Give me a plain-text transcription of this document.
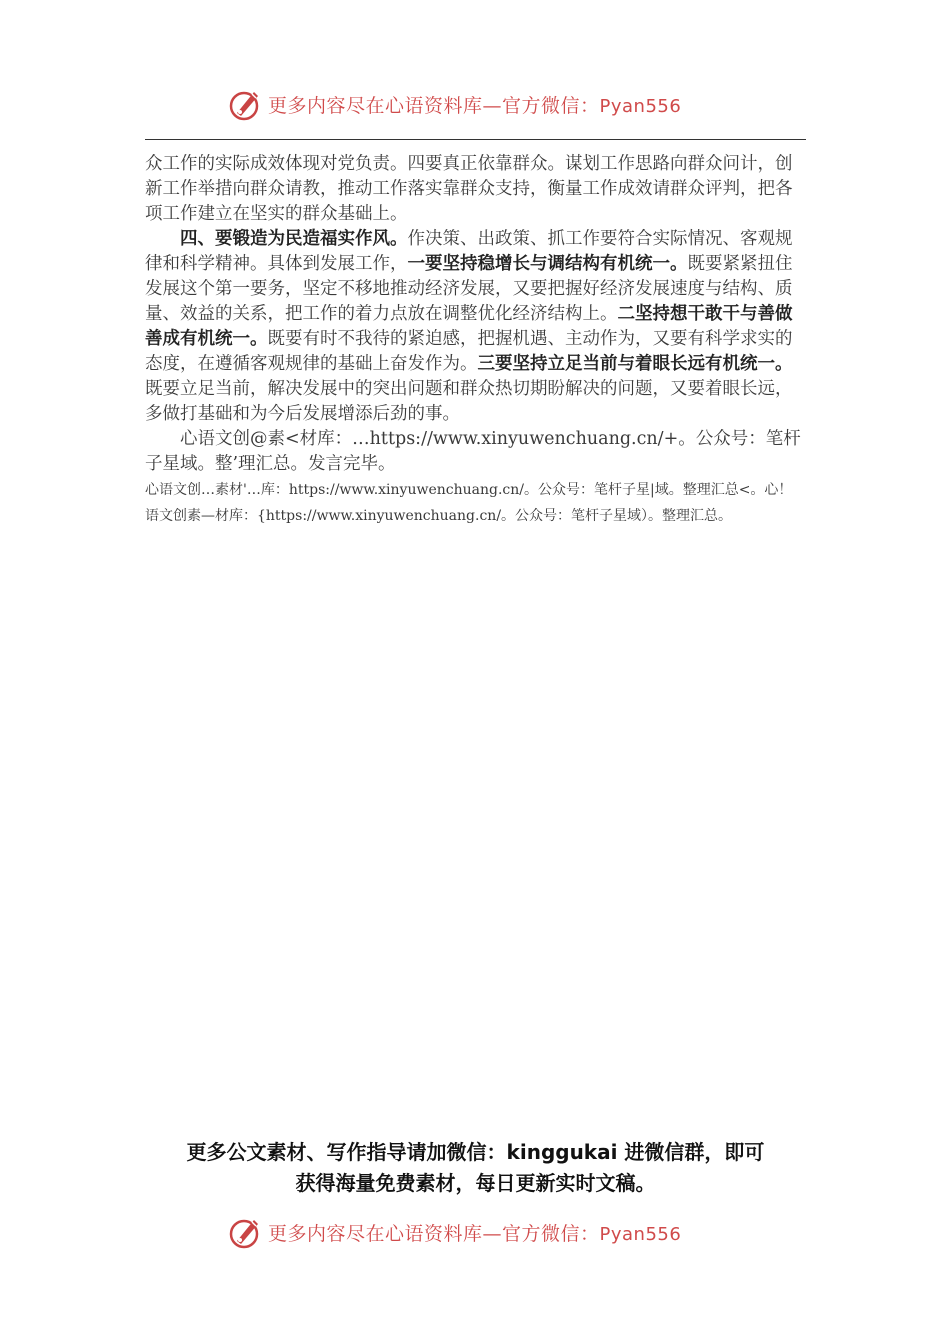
更多内容尽在心语资料库—官方微信：Pyan556

众工作的实际成效体现对党负责。四要真正依靠群众。谋划工作思路向群众问计，创新工作举措向群众请教，推动工作落实靠群众支持，衡量工作成效请群众评判，把各项工作建立在坚实的群众基础上。

四、要锻造为民造福实作风。作决策、出政策、抓工作要符合实际情况、客观规律和科学精神。具体到发展工作，一要坚持稳增长与调结构有机统一。既要紧紧扭住发展这个第一要务，坚定不移地推动经济发展，又要把握好经济发展速度与结构、质量、效益的关系，把工作的着力点放在调整优化经济结构上。二坚持想干敢干与善做善成有机统一。既要有时不我待的紧迫感，把握机遇、主动作为，又要有科学求实的态度，在遵循客观规律的基础上奋发作为。三要坚持立足当前与着眼长远有机统一。既要立足当前，解决发展中的突出问题和群众热切期盼解决的问题，又要着眼长远，多做打基础和为今后发展增添后劲的事。

心语文创@素<材库：…https://www.xinyuwenchuang.cn/+。公众号：笔杆子星域。整’理汇总。发言完毕。

心语文创…素材'…库：https://www.xinyuwenchuang.cn/。公众号：笔杆子星|域。整理汇总<。心！语文创素—材库：{https://www.xinyuwenchuang.cn/。公众号：笔杆子星域）。整理汇总。

更多公文素材、写作指导请加微信：kinggukai 进微信群，即可
获得海量免费素材，每日更新实时文稿。
更多内容尽在心语资料库—官方微信：Pyan556
